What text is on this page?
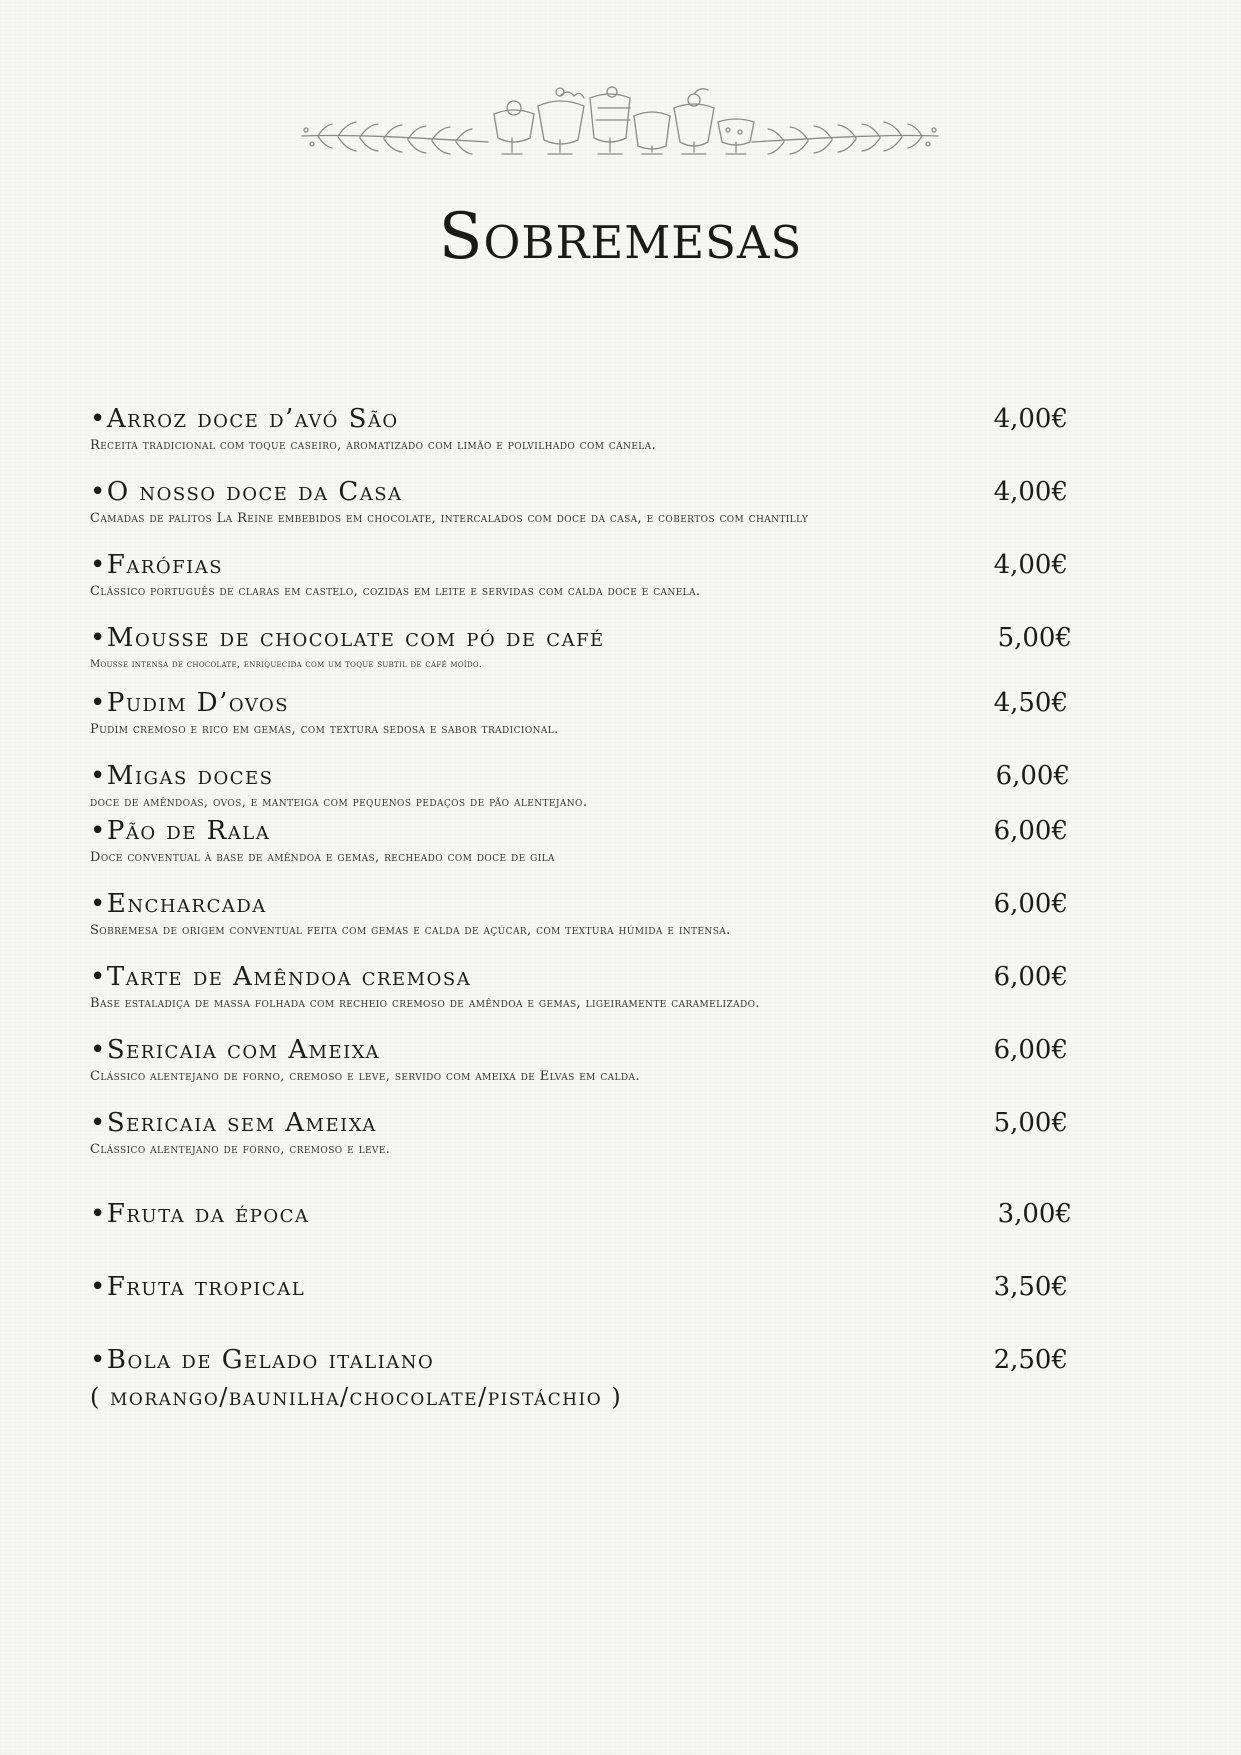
Sobremesas
•Arroz doce d’avó São	4,00€
Receita tradicional com toque caseiro, aromatizado com limão e polvilhado com canela.
•O nosso doce da Casa	4,00€
Camadas de palitos La Reine embebidos em chocolate, intercalados com doce da casa, e cobertos com chantilly
•Farófias	4,00€
Clássico português de claras em castelo, cozidas em leite e servidas com calda doce e canela.
•Mousse de chocolate com pó de café	5,00€
Mousse intensa de chocolate, enriquecida com um toque subtil de café moído.
•Pudim D’ovos	4,50€
Pudim cremoso e rico em gemas, com textura sedosa e sabor tradicional.
•Migas doces	6,00€
doce de amêndoas, ovos, e manteiga com pequenos pedaços de pão alentejano.
•Pão de Rala	6,00€
Doce conventual à base de amêndoa e gemas, recheado com doce de gila
•Encharcada	6,00€
Sobremesa de origem conventual feita com gemas e calda de açúcar, com textura húmida e intensa.
•Tarte de Amêndoa cremosa	6,00€
Base estaladiça de massa folhada com recheio cremoso de amêndoa e gemas, ligeiramente caramelizado.
•Sericaia com Ameixa	6,00€
Clássico alentejano de forno, cremoso e leve, servido com ameixa de Elvas em calda.
•Sericaia sem Ameixa	5,00€
Clássico alentejano de forno, cremoso e leve.
•Fruta da época	3,00€
•Fruta tropical	3,50€
•Bola de Gelado italiano	2,50€
( morango/baunilha/chocolate/pistáchio )
